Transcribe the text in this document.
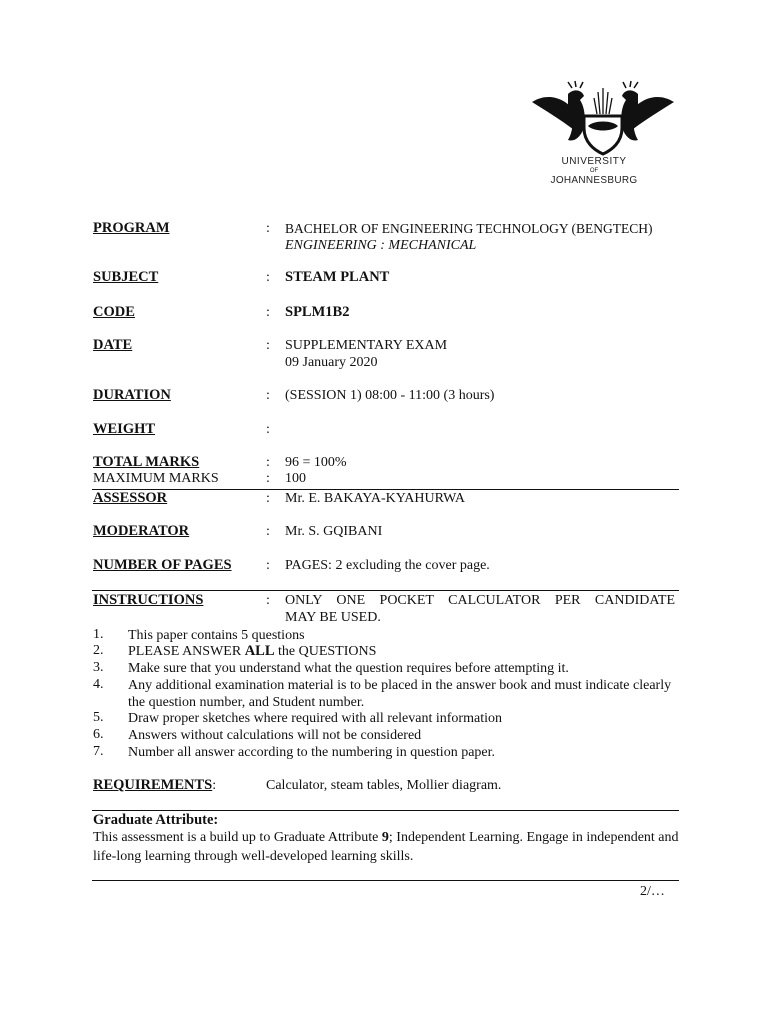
UNIVERSITY
OF
JOHANNESBURG
PROGRAM	: BACHELOR OF ENGINEERING TECHNOLOGY (BENGTECH)
ENGINEERING : MECHANICAL
SUBJECT	: STEAM PLANT
CODE	: SPLM1B2
DATE	: SUPPLEMENTARY EXAM
09 January 2020
DURATION	: (SESSION 1) 08:00 - 11:00 (3 hours)
WEIGHT	:
TOTAL MARKS	: 96 = 100%
MAXIMUM MARKS	: 100
ASSESSOR	: Mr. E. BAKAYA-KYAHURWA
MODERATOR	: Mr. S. GQIBANI
NUMBER OF PAGES : PAGES: 2 excluding the cover page.
INSTRUCTIONS	: ONLY ONE POCKET CALCULATOR PER CANDIDATE
MAY BE USED.
1. This paper contains 5 questions
2. PLEASE ANSWER ALL the QUESTIONS
3. Make sure that you understand what the question requires before attempting it.
4. Any additional examination material is to be placed in the answer book and must indicate clearly the question number, and Student number.
5. Draw proper sketches where required with all relevant information
6. Answers without calculations will not be considered
7. Number all answer according to the numbering in question paper.
REQUIREMENTS:	Calculator, steam tables, Mollier diagram.
Graduate Attribute:
This assessment is a build up to Graduate Attribute 9; Independent Learning. Engage in independent and life-long learning through well-developed learning skills.
2/…
